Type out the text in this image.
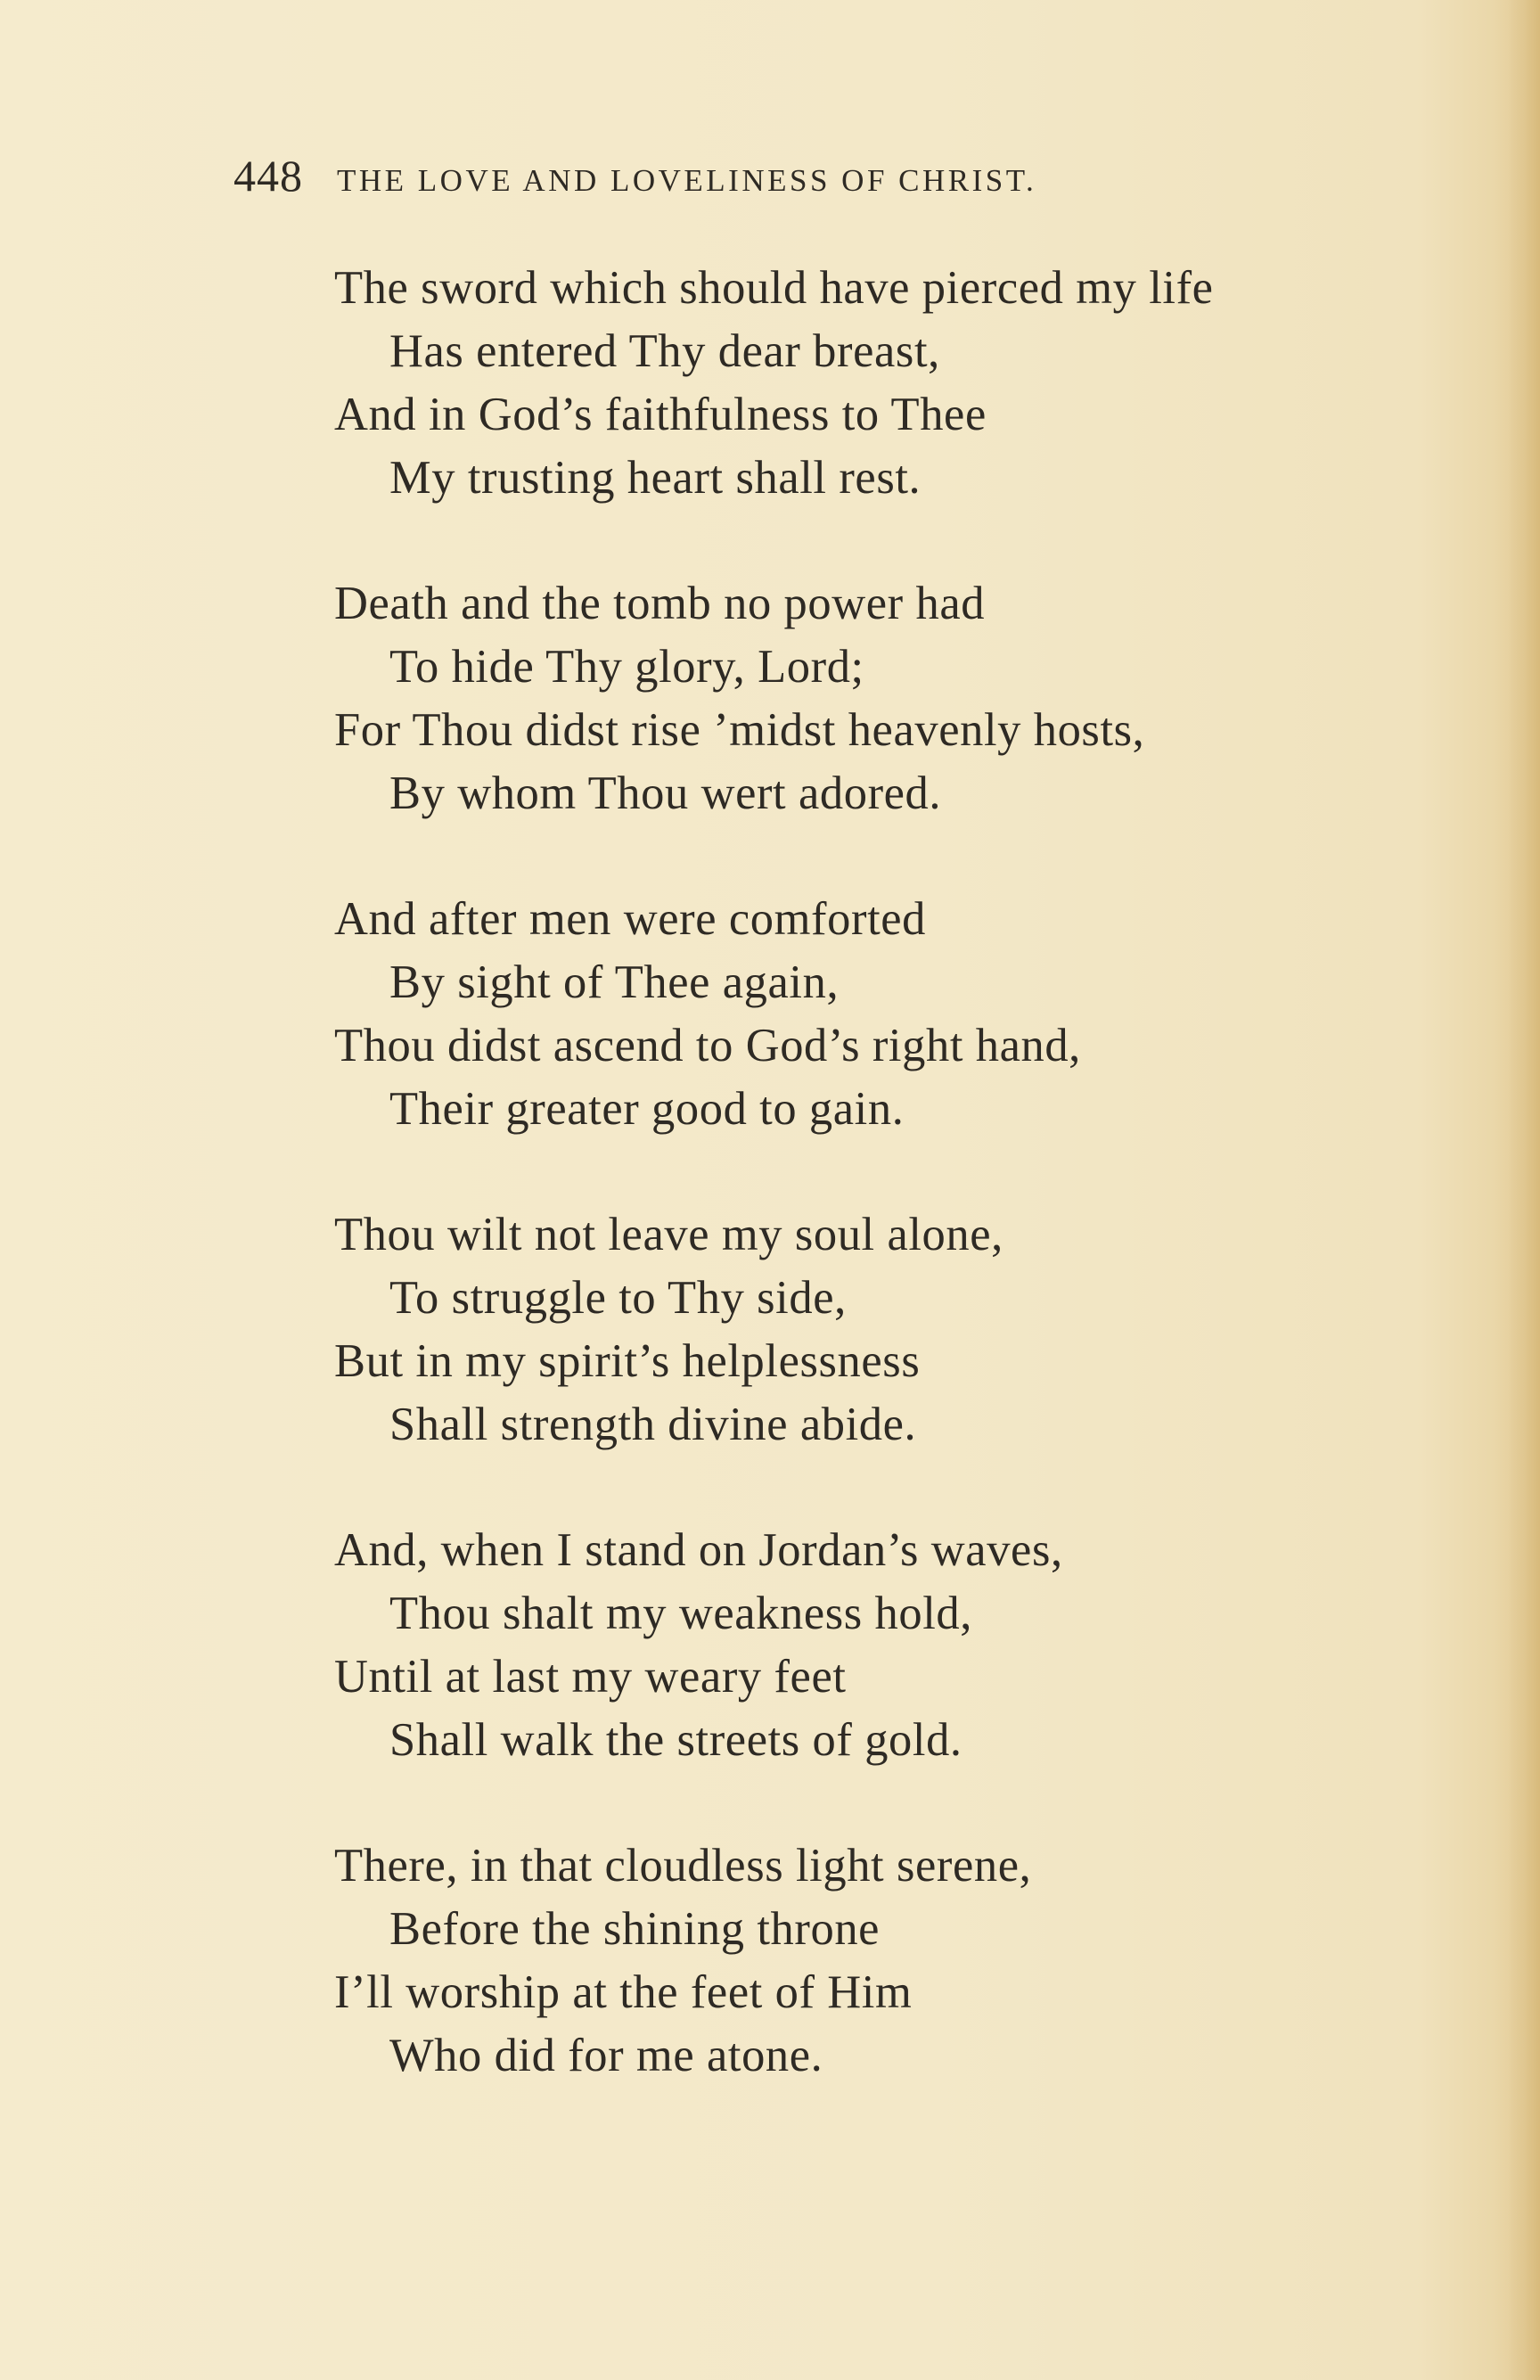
448 THE LOVE AND LOVELINESS OF CHRIST.
The sword which should have pierced my life
Has entered Thy dear breast,
And in God’s faithfulness to Thee
My trusting heart shall rest.
Death and the tomb no power had
To hide Thy glory, Lord;
For Thou didst rise ’midst heavenly hosts,
By whom Thou wert adored.
And after men were comforted
By sight of Thee again,
Thou didst ascend to God’s right hand,
Their greater good to gain.
Thou wilt not leave my soul alone,
To struggle to Thy side,
But in my spirit’s helplessness
Shall strength divine abide.
And, when I stand on Jordan’s waves,
Thou shalt my weakness hold,
Until at last my weary feet
Shall walk the streets of gold.
There, in that cloudless light serene,
Before the shining throne
I’ll worship at the feet of Him
Who did for me atone.
